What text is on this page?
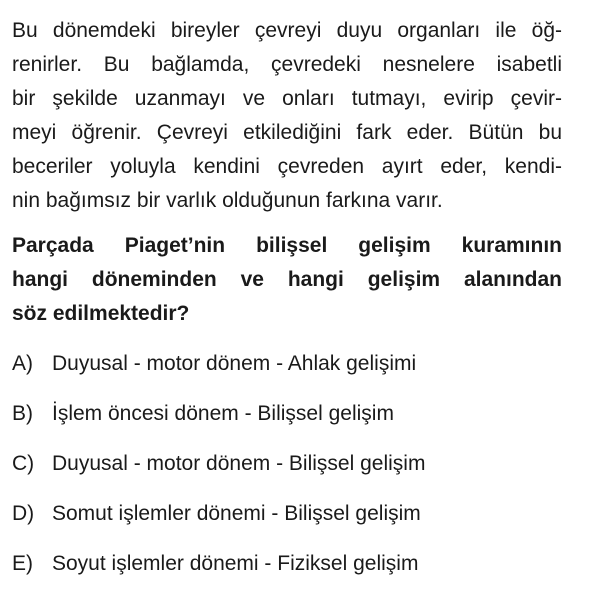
Bu dönemdeki bireyler çevreyi duyu organları ile öğ-
renirler. Bu bağlamda, çevredeki nesnelere isabetli
bir şekilde uzanmayı ve onları tutmayı, evirip çevir-
meyi öğrenir. Çevreyi etkilediğini fark eder. Bütün bu
beceriler yoluyla kendini çevreden ayırt eder, kendi-
nin bağımsız bir varlık olduğunun farkına varır.
Parçada Piaget’nin bilişsel gelişim kuramının
hangi döneminden ve hangi gelişim alanından
söz edilmektedir?
A) Duyusal - motor dönem - Ahlak gelişimi
B) İşlem öncesi dönem - Bilişsel gelişim
C) Duyusal - motor dönem - Bilişsel gelişim
D) Somut işlemler dönemi - Bilişsel gelişim
E) Soyut işlemler dönemi - Fiziksel gelişim
